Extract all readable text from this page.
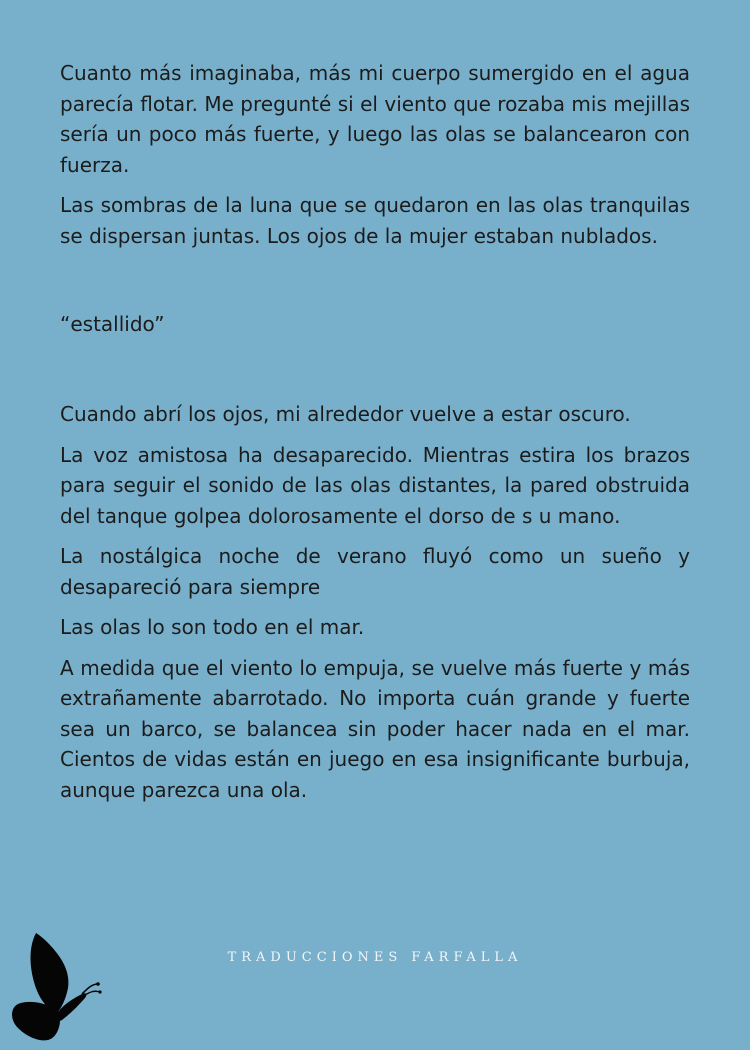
Cuanto más imaginaba, más mi cuerpo sumergido en el agua parecía flotar. Me pregunté si el viento que rozaba mis mejillas sería un poco más fuerte, y luego las olas se balancearon con fuerza.

Las sombras de la luna que se quedaron en las olas tranquilas se dispersan juntas. Los ojos de la mujer estaban nublados.

“estallido”

Cuando abrí los ojos, mi alrededor vuelve a estar oscuro.

La voz amistosa ha desaparecido. Mientras estira los brazos para seguir el sonido de las olas distantes, la pared obstruida del tanque golpea dolorosamente el dorso de s u mano.

La nostálgica noche de verano fluyó como un sueño y desapareció para siempre

Las olas lo son todo en el mar.

A medida que el viento lo empuja, se vuelve más fuerte y más extrañamente abarrotado. No importa cuán grande y fuerte sea un barco, se balancea sin poder hacer nada en el mar. Cientos de vidas están en juego en esa insignificante burbuja, aunque parezca una ola.

TRADUCCIONES FARFALLA
